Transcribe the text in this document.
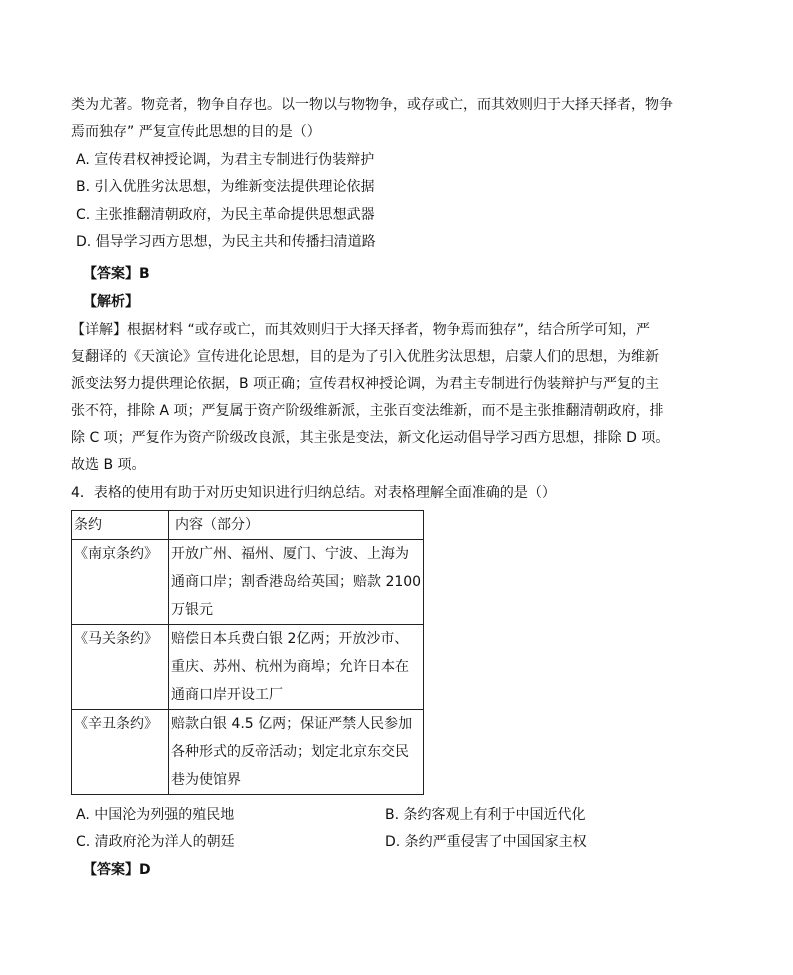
类为尤著。物竞者，物争自存也。以一物以与物物争，或存或亡，而其效则归于大择天择者，物争
焉而独存” 严复宣传此思想的目的是（）
A. 宣传君权神授论调，为君主专制进行伪装辩护
B. 引入优胜劣汰思想，为维新变法提供理论依据
C. 主张推翻清朝政府，为民主革命提供思想武器
D. 倡导学习西方思想，为民主共和传播扫清道路
【答案】B
【解析】
【详解】根据材料 “或存或亡，而其效则归于大择天择者，物争焉而独存”，结合所学可知，严
复翻译的《天演论》宣传进化论思想，目的是为了引入优胜劣汰思想，启蒙人们的思想，为维新
派变法努力提供理论依据，B 项正确；宣传君权神授论调，为君主专制进行伪装辩护与严复的主
张不符，排除 A 项；严复属于资产阶级维新派，主张百变法维新，而不是主张推翻清朝政府，排
除 C 项；严复作为资产阶级改良派，其主张是变法，新文化运动倡导学习西方思想，排除 D 项。
故选 B 项。
4．表格的使用有助于对历史知识进行归纳总结。对表格理解全面准确的是（）
条约	内容（部分）

《南京条约》	开放广州、福州、厦门、宁波、上海为
通商口岸；割香港岛给英国；赔款 2100
万银元

《马关条约》	赔偿日本兵费白银 2亿两；开放沙市、
重庆、苏州、杭州为商埠；允许日本在
通商口岸开设工厂

《辛丑条约》	赔款白银 4.5 亿两；保证严禁人民参加
各种形式的反帝活动；划定北京东交民
巷为使馆界
A. 中国沦为列强的殖民地	B. 条约客观上有利于中国近代化
C. 清政府沦为洋人的朝廷	D. 条约严重侵害了中国国家主权
【答案】D
